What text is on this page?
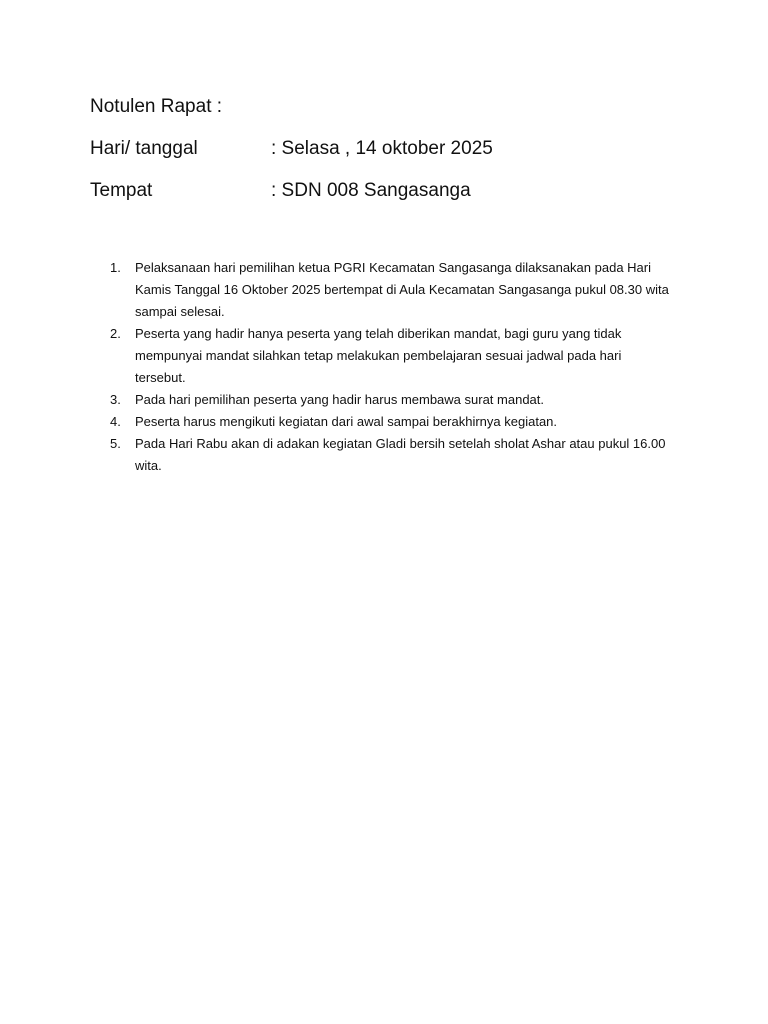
Notulen Rapat :
Hari/ tanggal	: Selasa , 14 oktober 2025
Tempat	: SDN 008 Sangasanga
1.	Pelaksanaan hari pemilihan ketua PGRI Kecamatan Sangasanga dilaksanakan pada Hari Kamis Tanggal 16 Oktober 2025 bertempat di Aula Kecamatan Sangasanga pukul 08.30 wita sampai selesai.
2.	Peserta yang hadir hanya peserta yang telah diberikan mandat, bagi guru yang tidak mempunyai mandat silahkan tetap melakukan pembelajaran sesuai jadwal pada hari tersebut.
3.	Pada hari pemilihan peserta yang hadir harus membawa surat mandat.
4.	Peserta harus mengikuti kegiatan dari awal sampai berakhirnya kegiatan.
5.	Pada Hari Rabu akan di adakan kegiatan Gladi bersih setelah sholat Ashar atau pukul 16.00 wita.
